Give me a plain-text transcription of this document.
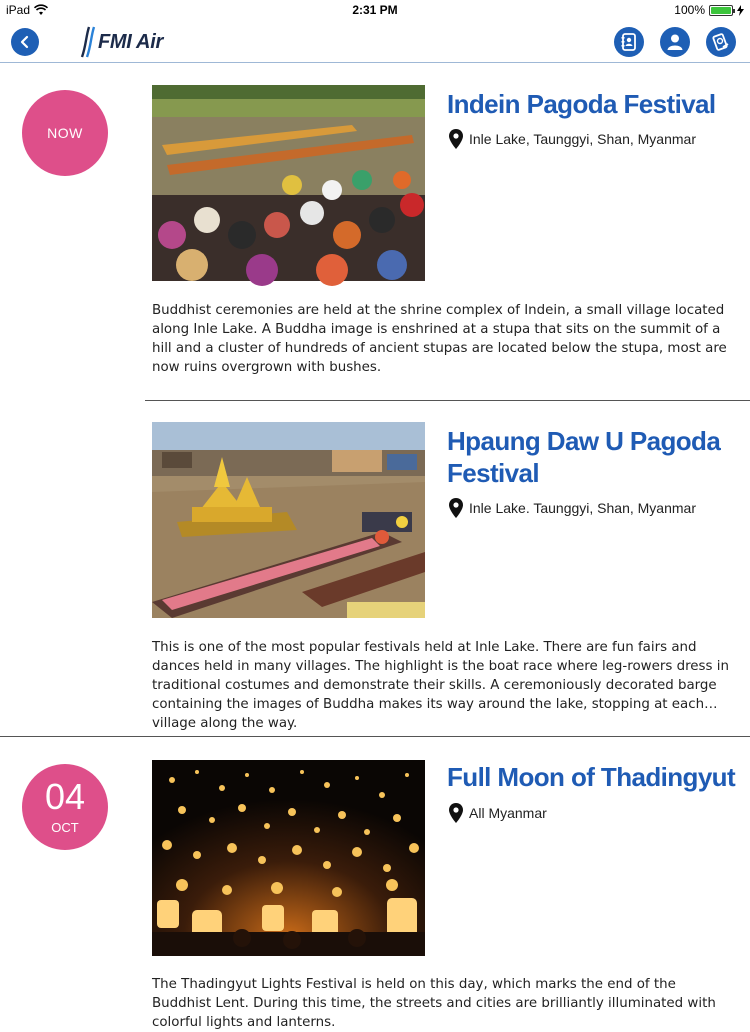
iPad	2:31 PM	100%
FMI Air
NOW
Indein Pagoda Festival
Inle Lake, Taunggyi, Shan, Myanmar
Buddhist ceremonies are held at the shrine complex of Indein, a small village located along Inle Lake. A Buddha image is enshrined at a stupa that sits on the summit of a hill and a cluster of hundreds of ancient stupas are located below the stupa, most are now ruins overgrown with bushes.
Hpaung Daw U Pagoda Festival
Inle Lake. Taunggyi, Shan, Myanmar
This is one of the most popular festivals held at Inle Lake. There are fun fairs and dances held in many villages. The highlight is the boat race where leg-rowers dress in traditional costumes and demonstrate their skills. A ceremoniously decorated barge containing the images of Buddha makes its way around the lake, stopping at each village along the way.
04
OCT
Full Moon of Thadingyut
All Myanmar
The Thadingyut Lights Festival is held on this day, which marks the end of the Buddhist Lent. During this time, the streets and cities are brilliantly illuminated with colorful lights and lanterns.
